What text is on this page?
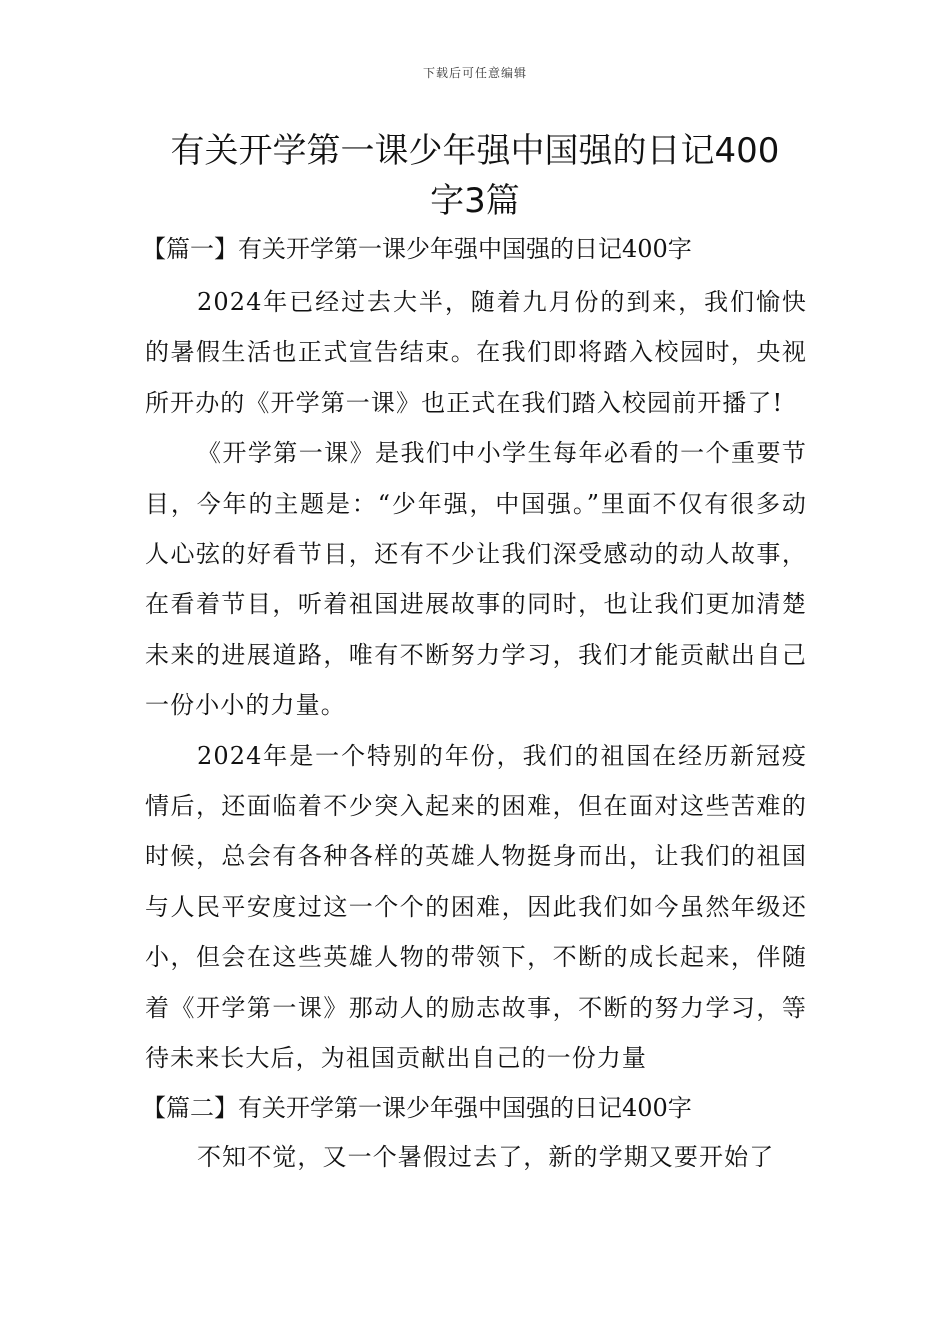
下载后可任意编辑
有关开学第一课少年强中国强的日记400
字3篇
【篇一】有关开学第一课少年强中国强的日记400字

2024年已经过去大半，随着九月份的到来，我们愉快的暑假生活也正式宣告结束。在我们即将踏入校园时，央视所开办的《开学第一课》也正式在我们踏入校园前开播了!

《开学第一课》是我们中小学生每年必看的一个重要节目，今年的主题是：“少年强，中国强。”里面不仅有很多动人心弦的好看节目，还有不少让我们深受感动的动人故事，在看着节目，听着祖国进展故事的同时，也让我们更加清楚未来的进展道路，唯有不断努力学习，我们才能贡献出自己一份小小的力量。

2024年是一个特别的年份，我们的祖国在经历新冠疫情后，还面临着不少突入起来的困难，但在面对这些苦难的时候，总会有各种各样的英雄人物挺身而出，让我们的祖国与人民平安度过这一个个的困难，因此我们如今虽然年级还小，但会在这些英雄人物的带领下，不断的成长起来，伴随着《开学第一课》那动人的励志故事，不断的努力学习，等待未来长大后，为祖国贡献出自己的一份力量

【篇二】有关开学第一课少年强中国强的日记400字

不知不觉，又一个暑假过去了，新的学期又要开始了
